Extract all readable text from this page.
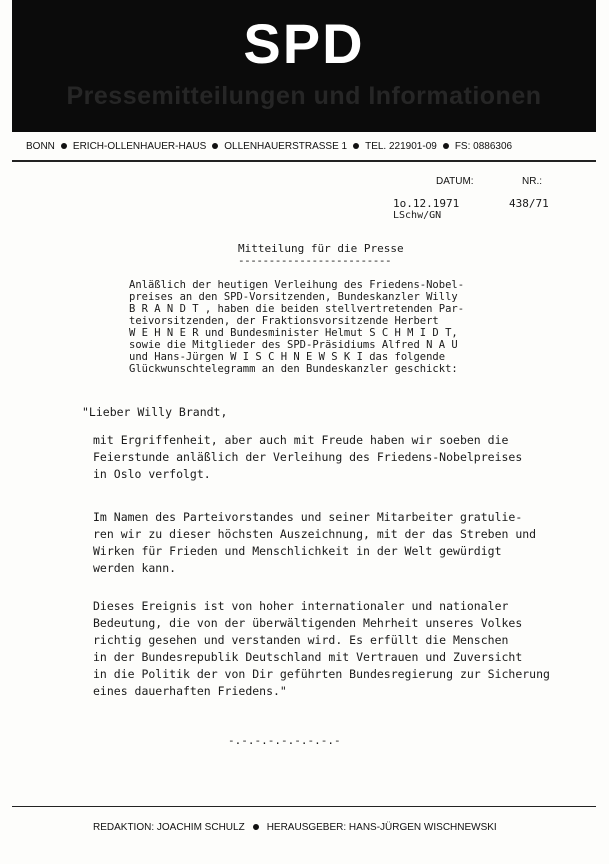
SPD
Pressemitteilungen und Informationen
BONN ERICH-OLLENHAUER-HAUS OLLENHAUERSTRASSE 1 TEL. 221901-09 FS: 0886306
DATUM:	NR.:
1o.12.1971
LSchw/GN
438/71
Mitteilung für die Presse
-------------------------
Anläßlich der heutigen Verleihung des Friedens-Nobel-
preises an den SPD-Vorsitzenden, Bundeskanzler Willy
B R A N D T , haben die beiden stellvertretenden Par-
teivorsitzenden, der Fraktionsvorsitzende Herbert
W E H N E R und Bundesminister Helmut S C H M I D T,
sowie die Mitglieder des SPD-Präsidiums Alfred N A U
und Hans-Jürgen W I S C H N E W S K I das folgende
Glückwunschtelegramm an den Bundeskanzler geschickt:
"Lieber Willy Brandt,
mit Ergriffenheit, aber auch mit Freude haben wir soeben die
Feierstunde anläßlich der Verleihung des Friedens-Nobelpreises
in Oslo verfolgt.
Im Namen des Parteivorstandes und seiner Mitarbeiter gratulie-
ren wir zu dieser höchsten Auszeichnung, mit der das Streben und
Wirken für Frieden und Menschlichkeit in der Welt gewürdigt
werden kann.
Dieses Ereignis ist von hoher internationaler und nationaler
Bedeutung, die von der überwältigenden Mehrheit unseres Volkes
richtig gesehen und verstanden wird. Es erfüllt die Menschen
in der Bundesrepublik Deutschland mit Vertrauen und Zuversicht
in die Politik der von Dir geführten Bundesregierung zur Sicherung
eines dauerhaften Friedens."
-.-.-.-.-.-.-.-.-
REDAKTION: JOACHIM SCHULZ HERAUSGEBER: HANS-JÜRGEN WISCHNEWSKI
